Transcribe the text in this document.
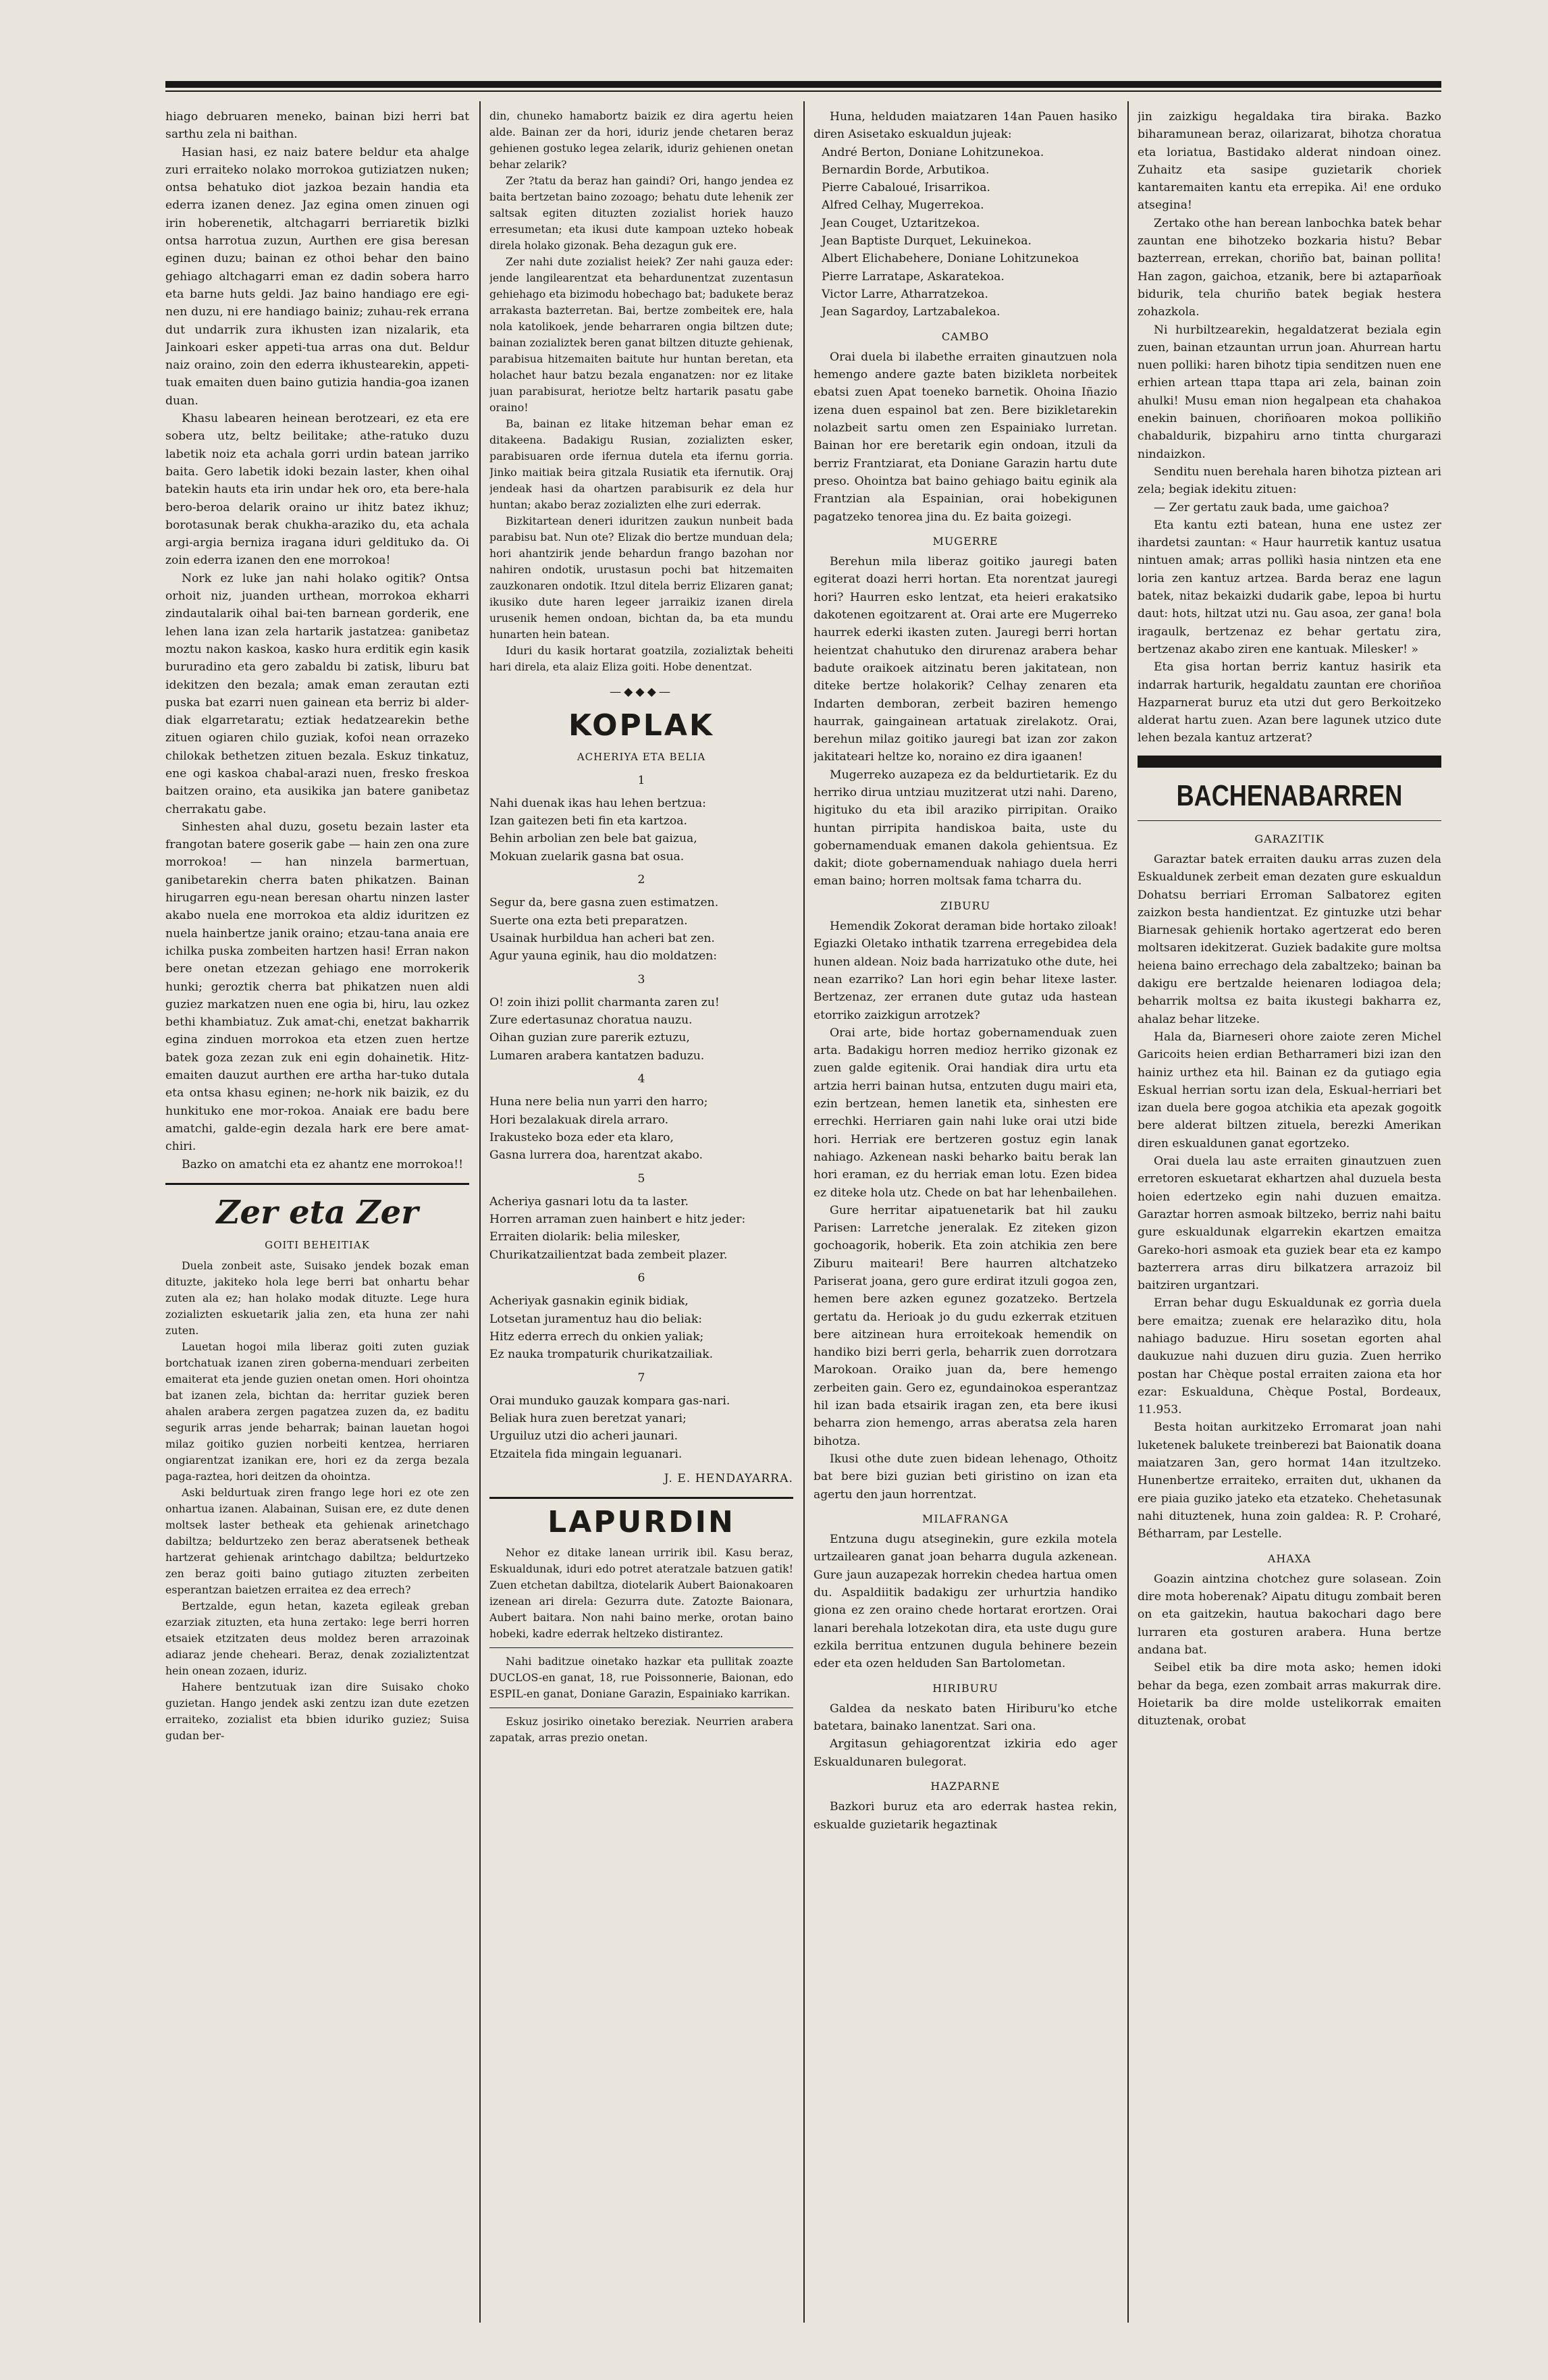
hiago debruaren meneko, bainan bizi herri bat sarthu zela ni baithan.

Hasian hasi, ez naiz batere beldur eta ahalge zuri erraiteko nolako morrokoa gutiziatzen nuken; ontsa behatuko diot jazkoa bezain handia eta ederra izanen denez. Jaz egina omen zinuen ogi irin hoberenetik, altchagarri berriaretik bizlki ontsa harrotua zuzun, Aurthen ere gisa beresan eginen duzu; bainan ez othoi behar den baino gehiago altchagarri eman ez dadin sobera harro eta barne huts geldi. Jaz baino handiago ere egi-nen duzu, ni ere handiago bainiz; zuhau-rek errana dut undarrik zura ikhusten izan nizalarik, eta Jainkoari esker appeti-tua arras ona dut. Beldur naiz oraino, zoin den ederra ikhustearekin, appeti-tuak emaiten duen baino gutizia handia-goa izanen duan.

Khasu labearen heinean berotzeari, ez eta ere sobera utz, beltz beilitake; athe-ratuko duzu labetik noiz eta achala gorri urdin batean jarriko baita. Gero labetik idoki bezain laster, khen oihal batekin hauts eta irin undar hek oro, eta bere-hala bero-beroa delarik oraino ur ihitz batez ikhuz; borotasunak berak chukha-araziko du, eta achala argi-argia berniza iragana iduri gelditukо da. Oi zoin ederra izanen den ene morrokoa!

Nork ez luke jan nahi holako ogitik? Ontsa orhoit niz, juanden urthean, morrokoa ekharri zindautalarik oihal bai-ten barnean gorderik, ene lehen lana izan zela hartarik jastatzea: ganibetaz moztu nakon kaskoa, kasko hura erditik egin kasik bururadino eta gero zabaldu bi zatisk, liburu bat idekitzen den bezala; amak eman zerautan ezti puska bat ezarri nuen gainean eta berriz bi alder-diak elgarretaratu; eztiak hedatzearekin bethe zituen ogiaren chilo guziak, kofoi nean orrazeko chilokak bethetzen zituen bezala. Eskuz tinkatuz, ene ogi kaskoa chabal-arazi nuen, fresko freskoa baitzen oraino, eta ausikika jan batere ganibetaz cherrakatu gabe.

Sinhesten ahal duzu, gosetu bezain laster eta frangotan batere goserik gabe — hain zen ona zure morrokoa! — han ninzela barmertuan, ganibetarekin cherra baten phikatzen. Bainan hirugarren egu-nean beresan ohartu ninzen laster akabo nuela ene morrokoa eta aldiz iduritzen ez nuela hainbertze janik oraino; etzau-tana anaia ere ichilka puska zombeiten hartzen hasi! Erran nakon bere onetan etzezan gehiago ene morrokerik hunki; geroztik cherra bat phikatzen nuen aldi guziez markatzen nuen ene ogia bi, hiru, lau ozkez bethi khambiatuz. Zuk amat-chi, enetzat bakharrik egina zinduen morrokoa eta etzen zuen hertze batek goza zezan zuk eni egin dohainetik. Hitz-emaiten dauzut aurthen ere artha har-tuko dutala eta ontsa khasu eginen; ne-hork nik baizik, ez du hunkituko ene mor-rokoa. Anaiak ere badu bere amatchi, galde-egin dezala hark ere bere amat-chiri.

Bazko on amatchi eta ez ahantz ene morrokoa!!

Zer eta Zer
GOITI BEHEITIAK

Duela zonbeit aste, Suisako jendek bozak eman dituzte, jakiteko hola lege berri bat onhartu behar zuten ala ez; han holako modak dituzte. Lege hura zozializten eskuetarik jalia zen, eta huna zer nahi zuten.

Lauetan hogoi mila liberaz goiti zuten guziak bortchatuak izanen ziren goberna-menduari zerbeiten emaiterat eta jende guzien onetan omen. Hori ohointza bat izanen zela, bichtan da: herritar guziek beren ahalen arabera zergen pagatzea zuzen da, ez baditu segurik arras jende beharrak; bainan lauetan hogoi milaz goitiko guzien norbeiti kentzea, herriaren ongiarentzat izanikan ere, hori ez da zerga bezala paga-raztea, hori deitzen da ohointza.

Aski beldurtuak ziren frango lege hori ez ote zen onhartua izanen. Alabainan, Suisan ere, ez dute denen moltsek laster betheak eta gehienak arinetchago dabiltza; beldurtzeko zen beraz aberatsenek betheak hartzerat gehienak arintchago dabiltza; beldurtzeko zen beraz goiti baino gutiago zituzten zerbeiten esperantzan baietzen erraitea ez dea errech?

Bertzalde, egun hetan, kazeta egileak greban ezarziak zituzten, eta huna zertako: lege berri horren etsaiek etzitzaten deus moldez beren arrazoinak adiaraz jende cheheari. Beraz, denak zozializtentzat hein onean zozaen, iduriz.

Hahere bentzutuak izan dire Suisako choko guzietan. Hango jendek aski zentzu izan dute ezetzen erraiteko, zozialist eta bbien iduriko guziez; Suisa gudan ber-

din, chuneko hamabortz baizik ez dira agertu heien alde. Bainan zer da hori, iduriz jende chetaren beraz gehienen gostuko legea zelarik, iduriz gehienen onetan behar zelarik?

Zer ?tatu da beraz han gaindi? Ori, hango jendea ez baita bertzetan baino zozoago; behatu dute lehenik zer saltsak egiten dituzten zozialist horiek hauzo erresumetan; eta ikusi dute kampoan uzteko hobeak direla holako gizonak. Beha dezagun guk ere.

Zer nahi dute zozialist heiek? Zer nahi gauza eder: jende langilearentzat eta behardunentzat zuzentasun gehiehago eta bizimodu hobechago bat; badukete beraz arrakasta bazterretan. Bai, bertze zombeitek ere, hala nola katolikoek, jende beharraren ongia biltzen dute; bainan zozializtek beren ganat biltzen dituzte gehienak, parabisua hitzemaiten baitute hur huntan beretan, eta holachet haur batzu bezala enganatzen: nor ez litake juan parabisurat, heriotze beltz hartarik pasatu gabe oraino!

Ba, bainan ez litake hitzeman behar eman ez ditakeena. Badakigu Rusian, zozializten esker, parabisuaren orde ifernua dutela eta ifernu gorria. Jinko maitiak beira gitzala Rusiatik eta ifernutik. Oraj jendeak hasi da ohartzen parabisurik ez dela hur huntan; akabo beraz zozializten elhe zuri ederrak.

Bizkitartean deneri iduritzen zaukun nunbeit bada parabisu bat. Nun ote? Elizak dio bertze munduan dela; hori ahantzirik jende behardun frango bazohan nor nahiren ondotik, urustasun pochi bat hitzemaiten zauzkonaren ondotik. Itzul ditela berriz Elizaren ganat; ikusiko dute haren legeer jarraikiz izanen direla urusenik hemen ondoan, bichtan da, ba eta mundu hunarten hein batean.

Iduri du kasik hortarat goatzila, zozializtak beheiti hari direla, eta alaiz Eliza goiti. Hobe denentzat.

—◆◆◆—
KOPLAK
ACHERIYA ETA BELIA
1

Nahi duenak ikas hau lehen bertzua:

Izan gaitezen beti fin eta kartzoa.

Behin arbolian zen bele bat gaizua,

Mokuan zuelarik gasna bat osua.

2

Segur da, bere gasna zuen estimatzen.

Suerte ona ezta beti preparatzen.

Usainak hurbildua han acheri bat zen.

Agur yauna eginik, hau dio moldatzen:

3

O! zoin ihizi pollit charmanta zaren zu!

Zure edertasunaz choratua nauzu.

Oihan guzian zure parerik eztuzu,

Lumaren arabera kantatzen baduzu.

4

Huna nere belia nun yarri den harro;

Hori bezalakuak direla arraro.

Irakusteko boza eder eta klaro,

Gasna lurrera doa, harentzat akabo.

5

Acheriya gasnari lotu da ta laster.

Horren arraman zuen hainbert e hitz jeder:

Erraiten diolarik: belia milesker,

Churikatzailientzat bada zembeit plazer.

6

Acheriyak gasnakin eginik bidiak,

Lotsetan juramentuz hau dio beliak:

Hitz ederra errech du onkien yaliak;

Ez nauka trompaturik churikatzailiak.

7

Orai munduko gauzak kompara gas-nari.

Beliak hura zuen beretzat yanari;

Urguiluz utzi dio acheri jaunari.

Etzaitela fida mingain leguanari.

J. E. HENDAYARRA.
LAPURDIN

Nehor ez ditake lanean urririk ibil. Kasu beraz, Eskualdunak, iduri edo potret ateratzale batzuen gatik! Zuen etchetan dabiltza, diotelarik Aubert Baionakoaren izenean ari direla: Gezurra dute. Zatozte Baionara, Aubert baitara. Non nahi baino merke, orotan baino hobeki, kadre ederrak heltzeko distirantez.

Nahi baditzue oinetako hazkar eta pullitak zoazte DUCLOS-en ganat, 18, rue Poissonnerie, Baionan, edo ESPIL-en ganat, Doniane Garazin, Espainiako karrikan.

Eskuz josiriko oinetako bereziak. Neurrien arabera zapatak, arras prezio onetan.

Huna, helduden maiatzaren 14an Pauen hasiko diren Asisetako eskualdun jujeak:

André Berton, Doniane Lohitzunekoa.

Bernardin Borde, Arbutikoa.

Pierre Cabaloué, Irisarrikoa.

Alfred Celhay, Mugerrekoa.

Jean Couget, Uztaritzekoa.

Jean Baptiste Durquet, Lekuinekoa.

Albert Elichabehere, Doniane Lohitzunekoa

Pierre Larratape, Askaratekoa.

Victor Larre, Atharratzekoa.

Jean Sagardoy, Lartzabalekoa.

CAMBO

Orai duela bi ilabethe erraiten ginautzuen nola hemengo andere gazte baten bizikleta norbeitek ebatsi zuen Apat toeneko barnetik. Ohoina Iñazio izena duen espainol bat zen. Bere bizikletarekin nolazbeit sartu omen zen Espainiako lurretan. Bainan hor ere beretarik egin ondoan, itzuli da berriz Frantziarat, eta Doniane Garazin hartu dute preso. Ohointza bat baino gehiago baitu eginik ala Frantzian ala Espainian, orai hobekigunen pagatzeko tenorea jina du. Ez baita goizegi.

MUGERRE

Berehun mila liberaz goitiko jauregi baten egiterat doazi herri hortan. Eta norentzat jauregi hori? Haurren esko lentzat, eta heieri erakatsiko dakotenen egoitzarent at. Orai arte ere Mugerreko haurrek ederki ikasten zuten. Jauregi berri hortan heientzat chahutuko den dirurenaz arabera behar badute oraikoek aitzinatu beren jakitatean, non diteke bertze holakorik? Celhay zenaren eta Indarten demboran, zerbeit baziren hemengo haurrak, gaingainean artatuak zirelakotz. Orai, berehun milaz goitiko jauregi bat izan zor zakon jakitateari heltze ko, noraino ez dira igaanen!

Mugerreko auzapeza ez da beldurtietarik. Ez du herriko dirua untziau muzitzerat utzi nahi. Dareno, higituko du eta ibil araziko pirripitan. Oraiko huntan pirripita handiskoa baita, uste du gobernamenduak emanen dakola gehientsua. Ez dakit; diote gobernamenduak nahiago duela herri eman baino; horren moltsak fama tcharra du.

ZIBURU

Hemendik Zokorat deraman bide hortako ziloak! Egiazki Oletako inthatik tzarrena erregebidea dela hunen aldean. Noiz bada harrizatuko othe dute, hei nean ezarriko? Lan hori egin behar litexe laster. Bertzenaz, zer erranen dute gutaz uda hastean etorriko zaizkigun arrotzek?

Orai arte, bide hortaz gobernamenduak zuen arta. Badakigu horren medioz herriko gizonak ez zuen galde egitenik. Orai handiak dira urtu eta artzia herri bainan hutsa, entzuten dugu mairi eta, ezin bertzean, hemen lanetik eta, sinhesten ere errechki. Herriaren gain nahi luke orai utzi bide hori. Herriak ere bertzeren gostuz egin lanak nahiago. Azkenean naski beharko baitu berak lan hori eraman, ez du herriak eman lotu. Ezen bidea ez diteke hola utz. Chede on bat har lehenbailehen.

Gure herritar aipatuenetarik bat hil zauku Parisen: Larretche jeneralak. Ez ziteken gizon gochoagorik, hoberik. Eta zoin atchikia zen bere Ziburu maiteari! Bere haurren altchatzeko Pariserat joana, gero gure erdirat itzuli gogoa zen, hemen bere azken egunez gozatzeko. Bertzela gertatu da. Herioak jo du gudu ezkerrak etzituen bere aitzinean hura erroitekoak hemendik on handiko bizi berri gerla, beharrik zuen dorrotzara Marokoan. Oraiko juan da, bere hemengo zerbeiten gain. Gero ez, egundainokoa esperantzaz hil izan bada etsairik iragan zen, eta bere ikusi beharra zion hemengo, arras aberatsa zela haren bihotza.

Ikusi othe dute zuen bidean lehenago, Othoitz bat bere bizi guzian beti giristino on izan eta agertu den jaun horrentzat.

MILAFRANGA

Entzuna dugu atseginekin, gure ezkila motela urtzailearen ganat joan beharra dugula azkenean. Gure jaun auzapezak horrekin chedea hartua omen du. Aspaldiitik badakigu zer urhurtzia handiko giona ez zen oraino chede hortarat erortzen. Orai lanari berehala lotzekotan dira, eta uste dugu gure ezkila berritua entzunen dugula behinere bezein eder eta ozen helduden San Bartolometan.

HIRIBURU

Galdea da neskato baten Hiriburu'ko etche batetara, bainako lanentzat. Sari ona.

Argitasun gehiagorentzat izkiria edo ager Eskualdunaren bulegorat.

HAZPARNE

Bazkori buruz eta aro ederrak hastea rekin, eskualde guzietarik hegaztinak

jin zaizkigu hegaldaka tira biraka. Bazko biharamunean beraz, oilarizarat, bihotza choratua eta loriatua, Bastidako alderat nindoan oinez. Zuhaitz eta sasipe guzietarik choriek kantaremaiten kantu eta errepika. Ai! ene orduko atsegina!

Zertako othe han berean lanbochka batek behar zauntan ene bihotzeko bozkaria histu? Bebar bazterrean, errekan, choriño bat, bainan pollita! Han zagon, gaichoa, etzanik, bere bi aztaparñoak bidurik, tela churiño batek begiak hestera zohazkola.

Ni hurbiltzearekin, hegaldatzerat beziala egin zuen, bainan etzauntan urrun joan. Ahurrean hartu nuen polliki: haren bihotz tipia senditzen nuen ene erhien artean ttapa ttapa ari zela, bainan zoin ahulki! Musu eman nion hegalpean eta chahakoa enekin bainuen, choriñoaren mokoa pollikiño chabaldurik, bizpahiru arno tintta churgarazi nindaizkon.

Senditu nuen berehala haren bihotza piztean ari zela; begiak idekitu zituen:

— Zer gertatu zauk bada, ume gaichoa?

Eta kantu ezti batean, huna ene ustez zer ihardetsi zauntan: « Haur haurretik kantuz usatua nintuen amak; arras pollikì hasia nintzen eta ene loria zen kantuz artzea. Barda beraz ene lagun batek, nitaz bekaizki dudarik gabe, lepoa bi hurtu daut: hots, hiltzat utzi nu. Gau asoa, zer gana! bola iragaulk, bertzenaz ez behar gertatu zira, bertzenaz akabo ziren ene kantuak. Milesker! »

Eta gisa hortan berriz kantuz hasirik eta indarrak harturik, hegaldatu zauntan ere choriñoa Hazparnerat buruz eta utzi dut gero Berkoitzeko alderat hartu zuen. Azan bere lagunek utzico dute lehen bezala kantuz artzerat?

BACHENABARREN
GARAZITIK

Garaztar batek erraiten dauku arras zuzen dela Eskualdunek zerbeit eman dezaten gure eskualdun Dohatsu berriari Erroman Salbatorez egiten zaizkon besta handientzat. Ez gintuzke utzi behar Biarnesak gehienik hortako agertzerat edo beren moltsaren idekitzerat. Guziek badakite gure moltsa heiena baino errechago dela zabaltzeko; bainan ba dakigu ere bertzalde heienaren lodiagoa dela; beharrik moltsa ez baita ikustegi bakharra ez, ahalaz behar litzeke.

Hala da, Biarneseri ohore zaiote zeren Michel Garicoits heien erdian Betharrameri bizi izan den hainiz urthez eta hil. Bainan ez da gutiago egia Eskual herrian sortu izan dela, Eskual-herriari bet izan duela bere gogoa atchikia eta apezak gogoitk bere alderat biltzen zituela, berezki Amerikan diren eskualdunen ganat egortzeko.

Orai duela lau aste erraiten ginautzuen zuen erretoren eskuetarat ekhartzen ahal duzuela besta hoien edertzeko egin nahi duzuen emaitza. Garaztar horren asmoak biltzeko, berriz nahi baitu gure eskualdunak elgarrekin ekartzen emaitza Gareko-hori asmoak eta guziek bear eta ez kampo bazterrera arras diru bilkatzera arrazoiz bil baitziren urgantzari.

Erran behar dugu Eskualdunak ez gorrìa duela bere emaitza; zuenak ere helarazìko ditu, hola nahiago baduzue. Hiru sosetan egorten ahal daukuzue nahi duzuen diru guzia. Zuen herriko postan har Chèque postal erraiten zaiona eta hor ezar: Eskualduna, Chèque Postal, Bordeaux, 11.953.

Besta hoitan aurkitzeko Erromarat joan nahi luketenek balukete treinberezi bat Baionatik doana maiatzaren 3an, gero hormat 14an itzultzeko. Hunenbertze erraiteko, erraiten dut, ukhanen da ere piaia guziko jateko eta etzateko. Chehetasunak nahi dituztenek, huna zoin galdea: R. P. Croharé, Bétharram, par Lestelle.

AHAXA

Goazin aintzina chotchez gure solasean. Zoin dire mota hoberenak? Aipatu ditugu zombait beren on eta gaitzekin, hautua bakochari dago bere lurraren eta gosturen arabera. Huna bertze andana bat.

Seibel etik ba dire mota asko; hemen idoki behar da bega, ezen zombait arras makurrak dire. Hoietarik ba dire molde ustelikorrak emaiten dituztenak, orobat
